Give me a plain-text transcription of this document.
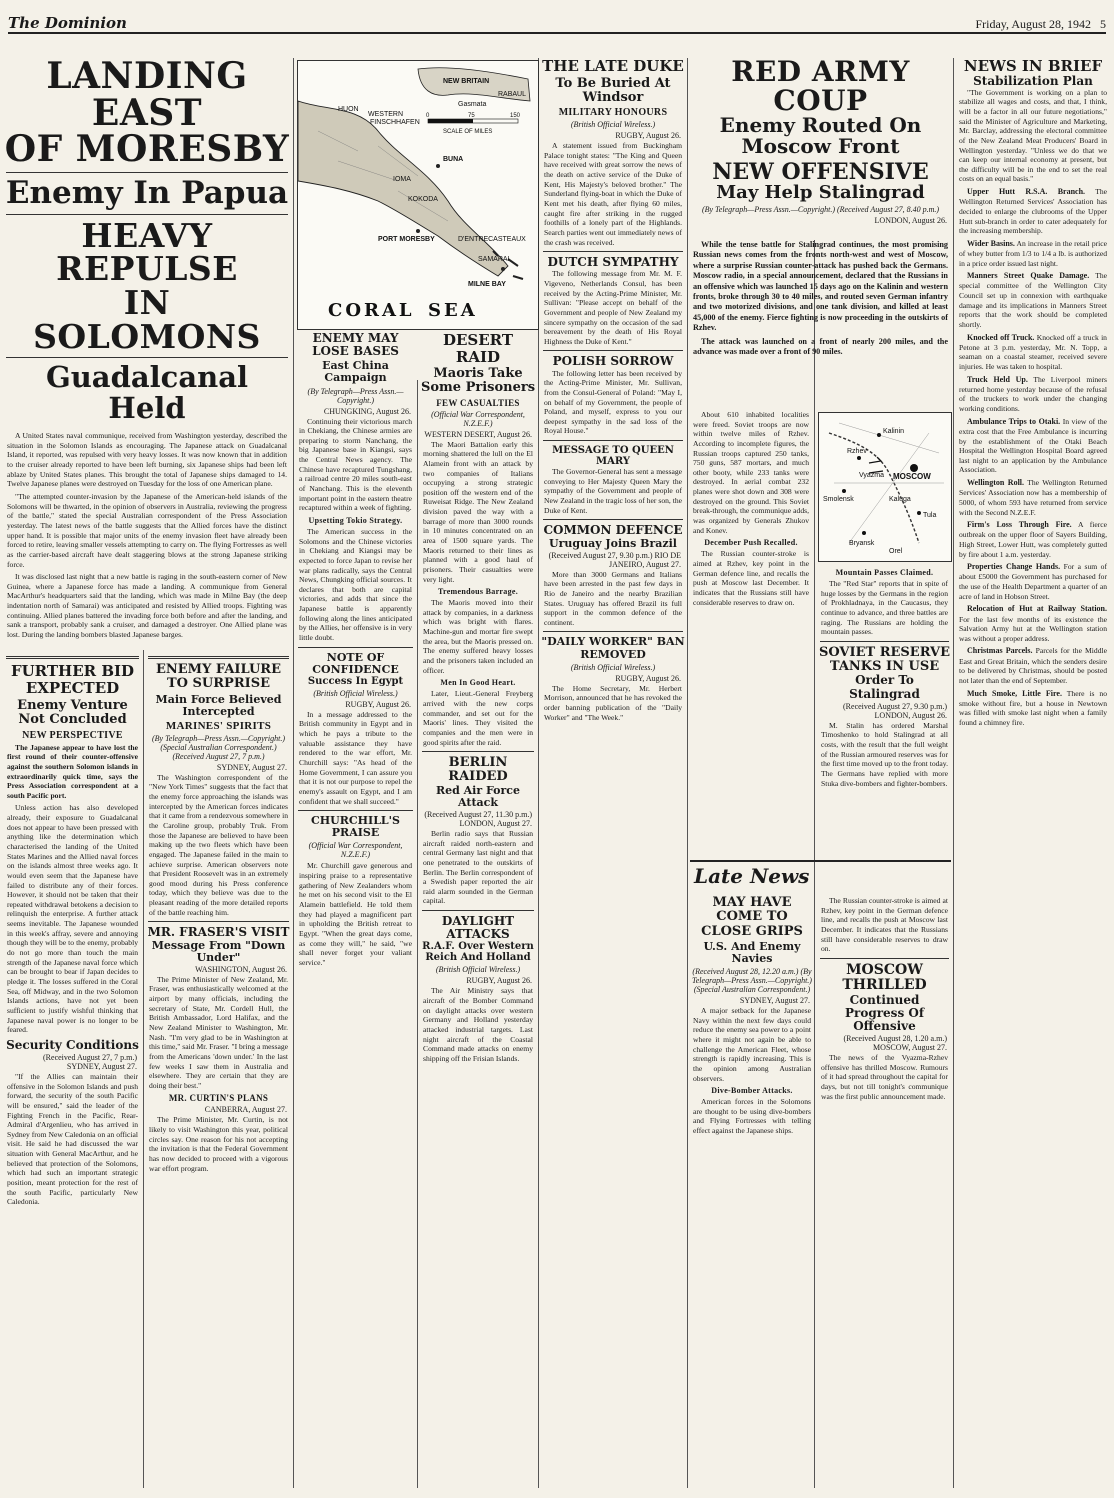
The Dominion	Friday, August 28, 1942 5
LANDING EAST
OF MORESBY
Enemy In Papua
HEAVY REPULSE
IN SOLOMONS
Guadalcanal Held

A United States naval communique, received from Washington yesterday, described the situation in the Solomon Islands as encouraging. The Japanese attack on Guadalcanal Island, it reported, was repulsed with very heavy losses. It was now known that in addition to the cruiser already reported to have been left burning, six Japanese ships had been left ablaze by United States planes. This brought the total of Japanese ships damaged to 14. Twelve Japanese planes were destroyed on Tuesday for the loss of one American plane.

"The attempted counter-invasion by the Japanese of the American-held islands of the Solomons will be thwarted, in the opinion of observers in Australia, reviewing the progress of the battle," stated the special Australian correspondent of the Press Association yesterday. The latest news of the battle suggests that the Allied forces have the distinct upper hand. It is possible that major units of the enemy invasion fleet have already been forced to retire, leaving smaller vessels attempting to carry on. The flying Fortresses as well as the carrier-based aircraft have dealt staggering blows at the strong Japanese striking force.

It was disclosed last night that a new battle is raging in the south-eastern corner of New Guinea, where a Japanese force has made a landing. A communique from General MacArthur's headquarters said that the landing, which was made in Milne Bay (the deep indentation north of Samarai) was anticipated and resisted by Allied troops. Fighting was continuing. Allied planes battered the invading force both before and after the landing, and sank a transport, probably sank a cruiser, and damaged a destroyer. One Allied plane was lost. During the landing bombers blasted Japanese barges.

NEW BRITAIN
HUON
RABAUL
WESTERN
FINSCHHAFEN
Gasmata
BUNA
IOMA
KOKODA
PORT MORESBY
MILNE BAY
SAMARAI
D'ENTRECASTEAUX
CORAL SEA
0	75	150
SCALE OF MILES
FURTHER BID EXPECTED
Enemy Venture Not Concluded
NEW PERSPECTIVE

The Japanese appear to have lost the first round of their counter-offensive against the southern Solomon islands in extraordinarily quick time, says the Press Association correspondent at a south Pacific port.

Unless action has also developed already, their exposure to Guadalcanal does not appear to have been pressed with anything like the determination which characterised the landing of the United States Marines and the Allied naval forces on the islands almost three weeks ago. It would even seem that the Japanese have failed to distribute any of their forces. However, it should not be taken that their repeated withdrawal betokens a decision to relinquish the enterprise. A further attack seems inevitable. The Japanese wounded in this week's affray, severe and annoying though they will be to the enemy, probably do not go more than touch the main strength of the Japanese naval force which can be brought to bear if Japan decides to pledge it. The losses suffered in the Coral Sea, off Midway, and in the two Solomon Islands actions, have not yet been sufficient to justify wishful thinking that Japanese naval power is no longer to be feared.

Security Conditions
(Received August 27, 7 p.m.) SYDNEY, August 27.

"If the Allies can maintain their offensive in the Solomon Islands and push forward, the security of the south Pacific will be ensured," said the leader of the Fighting French in the Pacific, Rear-Admiral d'Argenlieu, who has arrived in Sydney from New Caledonia on an official visit. He said he had discussed the war situation with General MacArthur, and he believed that protection of the Solomons, which had such an important strategic position, meant protection for the rest of the south Pacific, particularly New Caledonia.

ENEMY FAILURE TO SURPRISE
Main Force Believed Intercepted
MARINES' SPIRITS
(By Telegraph—Press Assn.—Copyright.) (Special Australian Correspondent.) (Received August 27, 7 p.m.)
SYDNEY, August 27.

The Washington correspondent of the "New York Times" suggests that the fact that the enemy force approaching the islands was intercepted by the American forces indicates that it came from a rendezvous somewhere in the Caroline group, probably Truk. From those the Japanese are believed to have been making up the two fleets which have been engaged. The Japanese failed in the main to achieve surprise. American observers note that President Roosevelt was in an extremely good mood during his Press conference today, which they believe was due to the pleasant reading of the more detailed reports of the battle reaching him.

MR. FRASER'S VISIT
Message From "Down Under"
WASHINGTON, August 26.

The Prime Minister of New Zealand, Mr. Fraser, was enthusiastically welcomed at the airport by many officials, including the secretary of State, Mr. Cordell Hull, the British Ambassador, Lord Halifax, and the New Zealand Minister to Washington, Mr. Nash. "I'm very glad to be in Washington at this time," said Mr. Fraser. "I bring a message from the Americans 'down under.' In the last few weeks I saw them in Australia and elsewhere. They are certain that they are doing their best."

MR. CURTIN'S PLANS
CANBERRA, August 27.

The Prime Minister, Mr. Curtin, is not likely to visit Washington this year, political circles say. One reason for his not accepting the invitation is that the Federal Government has now decided to proceed with a vigorous war effort program.

ENEMY MAY LOSE BASES
East China Campaign
(By Telegraph—Press Assn.—Copyright.)
CHUNGKING, August 26.

Continuing their victorious march in Chekiang, the Chinese armies are preparing to storm Nanchang, the big Japanese base in Kiangsi, says the Central News agency. The Chinese have recaptured Tungshang, a railroad centre 20 miles south-east of Nanchang. This is the eleventh important point in the eastern theatre recaptured within a week of fighting.

Upsetting Tokio Strategy.

The American success in the Solomons and the Chinese victories in Chekiang and Kiangsi may be expected to force Japan to revise her war plans radically, says the Central News, Chungking official sources. It declares that both are capital victories, and adds that since the Japanese battle is apparently following along the lines anticipated by the Allies, her offensive is in very little doubt.

NOTE OF CONFIDENCE
Success In Egypt
(British Official Wireless.)
RUGBY, August 26.

In a message addressed to the British community in Egypt and in which he pays a tribute to the valuable assistance they have rendered to the war effort, Mr. Churchill says: "As head of the Home Government, I can assure you that it is not our purpose to repel the enemy's assault on Egypt, and I am confident that we shall succeed."

CHURCHILL'S PRAISE
(Official War Correspondent, N.Z.E.F.)

Mr. Churchill gave generous and inspiring praise to a representative gathering of New Zealanders whom he met on his second visit to the El Alamein battlefield. He told them they had played a magnificent part in upholding the British retreat to Egypt. "When the great days come, as come they will," he said, "we shall never forget your valiant service."

DESERT RAID
Maoris Take Some Prisoners
FEW CASUALTIES
(Official War Correspondent, N.Z.E.F.)
WESTERN DESERT, August 26.

The Maori Battalion early this morning shattered the lull on the El Alamein front with an attack by two companies of Italians occupying a strong strategic position off the western end of the Ruweisat Ridge. The New Zealand division paved the way with a barrage of more than 3000 rounds in 10 minutes concentrated on an area of 1500 square yards. The Maoris returned to their lines as planned with a good haul of prisoners. Their casualties were very light.

Tremendous Barrage.

The Maoris moved into their attack by companies, in a darkness which was bright with flares. Machine-gun and mortar fire swept the area, but the Maoris pressed on. The enemy suffered heavy losses and the prisoners taken included an officer.

Men In Good Heart.

Later, Lieut.-General Freyberg arrived with the new corps commander, and set out for the Maoris' lines. They visited the companies and the men were in good spirits after the raid.

BERLIN RAIDED
Red Air Force Attack
(Received August 27, 11.30 p.m.) LONDON, August 27.

Berlin radio says that Russian aircraft raided north-eastern and central Germany last night and that one penetrated to the outskirts of Berlin. The Berlin correspondent of a Swedish paper reported the air raid alarm sounded in the German capital.

DAYLIGHT ATTACKS
R.A.F. Over Western Reich And Holland
(British Official Wireless.)
RUGBY, August 26.

The Air Ministry says that aircraft of the Bomber Command on daylight attacks over western Germany and Holland yesterday attacked industrial targets. Last night aircraft of the Coastal Command made attacks on enemy shipping off the Frisian Islands.

THE LATE DUKE
To Be Buried At Windsor
MILITARY HONOURS
(British Official Wireless.)
RUGBY, August 26.

A statement issued from Buckingham Palace tonight states: "The King and Queen have received with great sorrow the news of the death on active service of the Duke of Kent, His Majesty's beloved brother." The Sunderland flying-boat in which the Duke of Kent met his death, after flying 60 miles, caught fire after striking in the rugged foothills of a lonely part of the Highlands. Search parties went out immediately news of the crash was received.

DUTCH SYMPATHY

The following message from Mr. M. F. Vigeveno, Netherlands Consul, has been received by the Acting-Prime Minister, Mr. Sullivan: "Please accept on behalf of the Government and people of New Zealand my sincere sympathy on the occasion of the sad bereavement by the death of His Royal Highness the Duke of Kent."

POLISH SORROW

The following letter has been received by the Acting-Prime Minister, Mr. Sullivan, from the Consul-General of Poland: "May I, on behalf of my Government, the people of Poland, and myself, express to you our deepest sympathy in the sad loss of the Royal House."

MESSAGE TO QUEEN MARY

The Governor-General has sent a message conveying to Her Majesty Queen Mary the sympathy of the Government and people of New Zealand in the tragic loss of her son, the Duke of Kent.

COMMON DEFENCE
Uruguay Joins Brazil
(Received August 27, 9.30 p.m.) RIO DE JANEIRO, August 27.

More than 3000 Germans and Italians have been arrested in the past few days in Rio de Janeiro and the nearby Brazilian States. Uruguay has offered Brazil its full support in the common defence of the continent.

"DAILY WORKER" BAN
REMOVED
(British Official Wireless.)
RUGBY, August 26.

The Home Secretary, Mr. Herbert Morrison, announced that he has revoked the order banning publication of the "Daily Worker" and "The Week."

RED ARMY COUP
Enemy Routed On Moscow Front
NEW OFFENSIVE
May Help Stalingrad
(By Telegraph—Press Assn.—Copyright.) (Received August 27, 8.40 p.m.)
LONDON, August 26.

While the tense battle for Stalingrad continues, the most promising Russian news comes from the fronts north-west and west of Moscow, where a surprise Russian counter-attack has pushed back the Germans. Moscow radio, in a special announcement, declared that the Russians in an offensive which was launched 15 days ago on the Kalinin and western fronts, broke through 30 to 40 miles, and routed seven German infantry and two motorized divisions, and one tank division, and killed at least 45,000 of the enemy. Fierce fighting is now proceeding in the outskirts of Rzhev.

The attack was launched on a front of nearly 200 miles, and the advance was made over a front of 90 miles.

About 610 inhabited localities were freed. Soviet troops are now within twelve miles of Rzhev. According to incomplete figures, the Russian troops captured 250 tanks, 750 guns, 587 mortars, and much other booty, while 233 tanks were destroyed. In aerial combat 232 planes were shot down and 308 were destroyed on the ground. This Soviet break-through, the communique adds, was organized by Generals Zhukov and Konev.

December Push Recalled.

The Russian counter-stroke is aimed at Rzhev, key point in the German defence line, and recalls the push at Moscow last December. It indicates that the Russians still have considerable reserves to draw on.

Kalinin
Rzhev
MOSCOW
Smolensk
Tula
Bryansk
Kaluga
Vyazma
Orel
Mountain Passes Claimed.

The "Red Star" reports that in spite of huge losses by the Germans in the region of Prokhladnaya, in the Caucasus, they continue to advance, and three battles are raging. The Russians are holding the mountain passes.

SOVIET RESERVE
TANKS IN USE
Order To Stalingrad
(Received August 27, 9.30 p.m.) LONDON, August 26.

M. Stalin has ordered Marshal Timoshenko to hold Stalingrad at all costs, with the result that the full weight of the Russian armoured reserves was for the first time moved up to the front today. The Germans have replied with more Stuka dive-bombers and fighter-bombers.

Late News
MAY HAVE COME TO CLOSE GRIPS
U.S. And Enemy Navies
(Received August 28, 12.20 a.m.) (By Telegraph—Press Assn.—Copyright.) (Special Australian Correspondent.)
SYDNEY, August 27.

A major setback for the Japanese Navy within the next few days could reduce the enemy sea power to a point where it might not again be able to challenge the American Fleet, whose strength is rapidly increasing. This is the opinion among Australian observers.

Dive-Bomber Attacks.

American forces in the Solomons are thought to be using dive-bombers and Flying Fortresses with telling effect against the Japanese ships.

The Russian counter-stroke is aimed at Rzhev, key point in the German defence line, and recalls the push at Moscow last December. It indicates that the Russians still have considerable reserves to draw on.

MOSCOW THRILLED
Continued Progress Of Offensive
(Received August 28, 1.20 a.m.) MOSCOW, August 27.

The news of the Vyazma-Rzhev offensive has thrilled Moscow. Rumours of it had spread throughout the capital for days, but not till tonight's communique was the first public announcement made.

NEWS IN BRIEF
Stabilization Plan

"The Government is working on a plan to stabilize all wages and costs, and that, I think, will be a factor in all our future negotiations," said the Minister of Agriculture and Marketing, Mr. Barclay, addressing the electoral committee of the New Zealand Meat Producers' Board in Wellington yesterday. "Unless we do that we can keep our internal economy at present, but the difficulty will be in the end to set the real costs on an equal basis."

Upper Hutt R.S.A. Branch. The Wellington Returned Services' Association has decided to enlarge the clubrooms of the Upper Hutt sub-branch in order to cater adequately for the increasing membership.

Wider Basins. An increase in the retail price of whey butter from 1/3 to 1/4 a lb. is authorized in a price order issued last night.

Manners Street Quake Damage. The special committee of the Wellington City Council set up in connexion with earthquake damage and its implications in Manners Street reports that the work should be completed shortly.

Knocked off Truck. Knocked off a truck in Petone at 3 p.m. yesterday, Mr. N. Topp, a seaman on a coastal steamer, received severe injuries. He was taken to hospital.

Truck Held Up. The Liverpool miners returned home yesterday because of the refusal of the truckers to work under the changing working conditions.

Ambulance Trips to Otaki. In view of the extra cost that the Free Ambulance is incurring by the establishment of the Otaki Beach Hospital the Wellington Hospital Board agreed last night to an application by the Ambulance Association.

Wellington Roll. The Wellington Returned Services' Association now has a membership of 5000, of whom 593 have returned from service with the Second N.Z.E.F.

Firm's Loss Through Fire. A fierce outbreak on the upper floor of Sayers Building, High Street, Lower Hutt, was completely gutted by fire about 1 a.m. yesterday.

Properties Change Hands. For a sum of about £5000 the Government has purchased for the use of the Health Department a quarter of an acre of land in Hobson Street.

Relocation of Hut at Railway Station. For the last few months of its existence the Salvation Army hut at the Wellington station was without a proper address.

Christmas Parcels. Parcels for the Middle East and Great Britain, which the senders desire to be delivered by Christmas, should be posted not later than the end of September.

Much Smoke, Little Fire. There is no smoke without fire, but a house in Newtown was filled with smoke last night when a family found a chimney fire.
